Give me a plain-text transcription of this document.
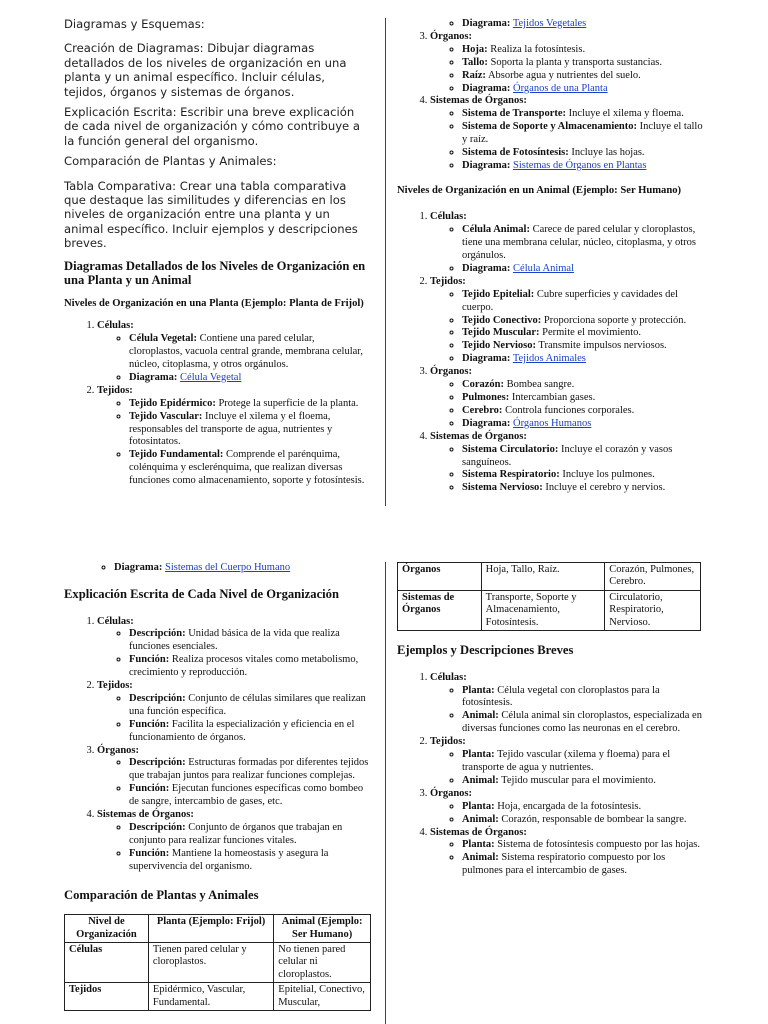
Diagramas y Esquemas:

Creación de Diagramas: Dibujar diagramas detallados de los niveles de organización en una planta y un animal específico. Incluir células, tejidos, órganos y sistemas de órganos.

Explicación Escrita: Escribir una breve explicación de cada nivel de organización y cómo contribuye a la función general del organismo.

Comparación de Plantas y Animales:

Tabla Comparativa: Crear una tabla comparativa que destaque las similitudes y diferencias en los niveles de organización entre una planta y un animal específico. Incluir ejemplos y descripciones breves.

Diagramas Detallados de los Niveles de Organización en una Planta y un Animal
Niveles de Organización en una Planta (Ejemplo: Planta de Frijol)
1. Células:
◦ Célula Vegetal: Contiene una pared celular, cloroplastos, vacuola central grande, membrana celular, núcleo, citoplasma, y otros orgánulos.
◦ Diagrama: Célula Vegetal
2. Tejidos:
◦ Tejido Epidérmico: Protege la superficie de la planta.
◦ Tejido Vascular: Incluye el xilema y el floema, responsables del transporte de agua, nutrientes y fotosintatos.
◦ Tejido Fundamental: Comprende el parénquima, colénquima y esclerénquima, que realizan diversas funciones como almacenamiento, soporte y fotosíntesis.
◦ Diagrama: Tejidos Vegetales
3. Órganos:
◦ Hoja: Realiza la fotosíntesis.
◦ Tallo: Soporta la planta y transporta sustancias.
◦ Raíz: Absorbe agua y nutrientes del suelo.
◦ Diagrama: Órganos de una Planta
4. Sistemas de Órganos:
◦ Sistema de Transporte: Incluye el xilema y floema.
◦ Sistema de Soporte y Almacenamiento: Incluye el tallo y raíz.
◦ Sistema de Fotosíntesis: Incluye las hojas.
◦ Diagrama: Sistemas de Órganos en Plantas
Niveles de Organización en un Animal (Ejemplo: Ser Humano)
1. Células:
◦ Célula Animal: Carece de pared celular y cloroplastos, tiene una membrana celular, núcleo, citoplasma, y otros orgánulos.
◦ Diagrama: Célula Animal
2. Tejidos:
◦ Tejido Epitelial: Cubre superficies y cavidades del cuerpo.
◦ Tejido Conectivo: Proporciona soporte y protección.
◦ Tejido Muscular: Permite el movimiento.
◦ Tejido Nervioso: Transmite impulsos nerviosos.
◦ Diagrama: Tejidos Animales
3. Órganos:
◦ Corazón: Bombea sangre.
◦ Pulmones: Intercambian gases.
◦ Cerebro: Controla funciones corporales.
◦ Diagrama: Órganos Humanos
4. Sistemas de Órganos:
◦ Sistema Circulatorio: Incluye el corazón y vasos sanguíneos.
◦ Sistema Respiratorio: Incluye los pulmones.
◦ Sistema Nervioso: Incluye el cerebro y nervios.
◦ Diagrama: Sistemas del Cuerpo Humano
Explicación Escrita de Cada Nivel de Organización
1. Células:
◦ Descripción: Unidad básica de la vida que realiza funciones esenciales.
◦ Función: Realiza procesos vitales como metabolismo, crecimiento y reproducción.
2. Tejidos:
◦ Descripción: Conjunto de células similares que realizan una función específica.
◦ Función: Facilita la especialización y eficiencia en el funcionamiento de órganos.
3. Órganos:
◦ Descripción: Estructuras formadas por diferentes tejidos que trabajan juntos para realizar funciones complejas.
◦ Función: Ejecutan funciones específicas como bombeo de sangre, intercambio de gases, etc.
4. Sistemas de Órganos:
◦ Descripción: Conjunto de órganos que trabajan en conjunto para realizar funciones vitales.
◦ Función: Mantiene la homeostasis y asegura la supervivencia del organismo.
Comparación de Plantas y Animales
Nivel de Organización	Planta (Ejemplo: Frijol)	Animal (Ejemplo: Ser Humano)
Células	Tienen pared celular y cloroplastos.	No tienen pared celular ni cloroplastos.
Tejidos	Epidérmico, Vascular, Fundamental.	Epitelial, Conectivo, Muscular,
Órganos	Hoja, Tallo, Raíz.	Corazón, Pulmones, Cerebro.
Sistemas de Órganos	Transporte, Soporte y Almacenamiento, Fotosíntesis.	Circulatorio, Respiratorio, Nervioso.
Ejemplos y Descripciones Breves
1. Células:
◦ Planta: Célula vegetal con cloroplastos para la fotosíntesis.
◦ Animal: Célula animal sin cloroplastos, especializada en diversas funciones como las neuronas en el cerebro.
2. Tejidos:
◦ Planta: Tejido vascular (xilema y floema) para el transporte de agua y nutrientes.
◦ Animal: Tejido muscular para el movimiento.
3. Órganos:
◦ Planta: Hoja, encargada de la fotosíntesis.
◦ Animal: Corazón, responsable de bombear la sangre.
4. Sistemas de Órganos:
◦ Planta: Sistema de fotosíntesis compuesto por las hojas.
◦ Animal: Sistema respiratorio compuesto por los pulmones para el intercambio de gases.
